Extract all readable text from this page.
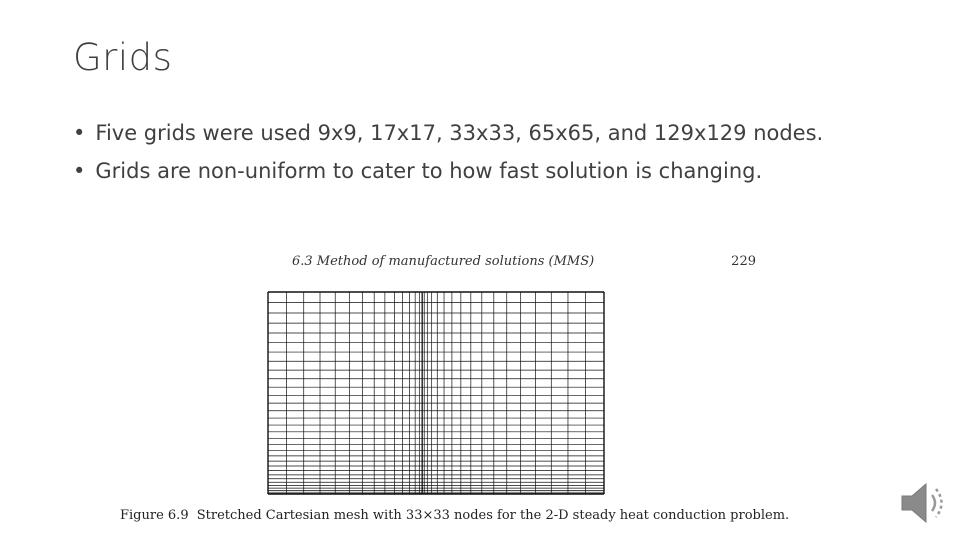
Grids
• Five grids were used 9x9, 17x17, 33x33, 65x65, and 129x129 nodes.
• Grids are non-uniform to cater to how fast solution is changing.
6.3 Method of manufactured solutions (MMS)	229
Figure 6.9 Stretched Cartesian mesh with 33×33 nodes for the 2-D steady heat conduction problem.
